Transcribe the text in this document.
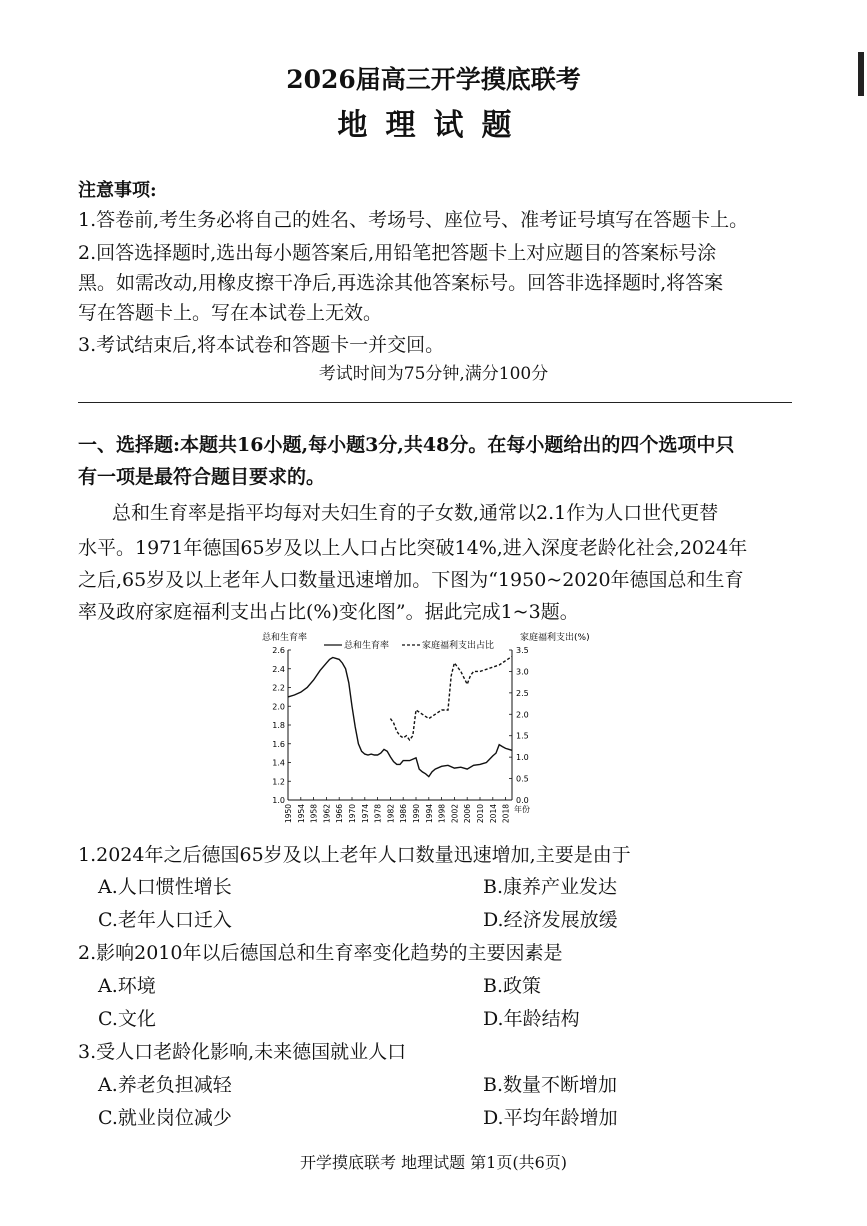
2026届高三开学摸底联考
地理试题
注意事项:
1.答卷前,考生务必将自己的姓名、考场号、座位号、准考证号填写在答题卡上。
2.回答选择题时,选出每小题答案后,用铅笔把答题卡上对应题目的答案标号涂
黑。如需改动,用橡皮擦干净后,再选涂其他答案标号。回答非选择题时,将答案
写在答题卡上。写在本试卷上无效。
3.考试结束后,将本试卷和答题卡一并交回。
考试时间为75分钟,满分100分
一、选择题:本题共16小题,每小题3分,共48分。在每小题给出的四个选项中只
有一项是最符合题目要求的。
总和生育率是指平均每对夫妇生育的子女数,通常以2.1作为人口世代更替
水平。1971年德国65岁及以上人口占比突破14%,进入深度老龄化社会,2024年
之后,65岁及以上老年人口数量迅速增加。下图为“1950~2020年德国总和生育
率及政府家庭福利支出占比(%)变化图”。据此完成1~3题。
总和生育率	家庭福利支出(%)
总和生育率	家庭福利支出占比
2.6
2.4
2.2
2.0
1.8
1.6
1.4
1.2
1.0
3.5
3.0
2.5
2.0
1.5
1.0
0.5
0.0
1950 1954 1958 1962 1966 1970 1974 1978 1982 1986 1990 1994 1998 2002 2006 2010 2014 2018 年份
1.2024年之后德国65岁及以上老年人口数量迅速增加,主要是由于
A.人口惯性增长	B.康养产业发达
C.老年人口迁入	D.经济发展放缓
2.影响2010年以后德国总和生育率变化趋势的主要因素是
A.环境	B.政策
C.文化	D.年龄结构
3.受人口老龄化影响,未来德国就业人口
A.养老负担减轻	B.数量不断增加
C.就业岗位减少	D.平均年龄增加
开学摸底联考 地理试题 第1页(共6页)
